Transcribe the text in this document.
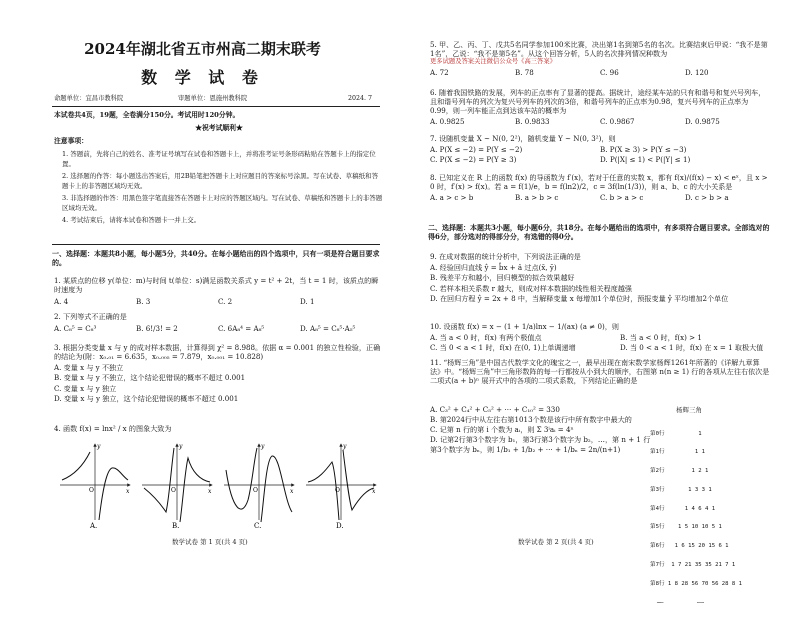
2024年湖北省五市州高二期末联考
数 学 试 卷
命题单位：宜昌市教科院	审题单位：恩施州教科院	2024. 7
本试卷共4页，19题，全卷满分150分。考试用时120分钟。
★祝考试顺利★
注意事项：
1. 答题前，先将自己的姓名、准考证号填写在试卷和答题卡上，并将准考证号条形码粘贴在答题卡上的指定位置。
2. 选择题的作答：每小题选出答案后，用2B铅笔把答题卡上对应题目的答案标号涂黑。写在试卷、草稿纸和答题卡上的非答题区域均无效。
3. 非选择题的作答：用黑色签字笔直接答在答题卡上对应的答题区域内。写在试卷、草稿纸和答题卡上的非答题区域均无效。
4. 考试结束后，请将本试卷和答题卡一并上交。
一、选择题：本题共8小题，每小题5分，共40分。在每小题给出的四个选项中，只有一项是符合题目要求的。
1. 某质点的位移 y(单位：m)与时间 t(单位：s)满足函数关系式 y = t² + 2t，当 t = 1 时，该质点的瞬时速度为
A. 4	B. 3	C. 2	D. 1
2. 下列等式不正确的是
A. C₈⁵ = C₈³	B. 6!/3! = 2	C. 6A₈⁴ = A₈⁵	D. A₈⁵ = C₈⁵·A₅⁵
3. 根据分类变量 x 与 y 的成对样本数据，计算得到 χ² = 8.988。依据 α = 0.001 的独立性检验，正确的结论为(附：x₀.₀₁ = 6.635，x₀.₀₀₅ = 7.879，x₀.₀₀₁ = 10.828)
A. 变量 x 与 y 不独立
B. 变量 x 与 y 不独立，这个结论犯错误的概率不超过 0.001
C. 变量 x 与 y 独立
D. 变量 x 与 y 独立，这个结论犯错误的概率不超过 0.001
4. 函数 f(x) = lnx² / x 的图象大致为
O	x
y
A.
O	x
y
B.
O	x
y
C.
O	x
y
D.
数学试卷 第 1 页(共 4 页)
5. 甲、乙、丙、丁、戊共5名同学参加100米比赛，决出第1名到第5名的名次。比赛结束后甲说：“我不是第1名”，乙说：“我不是第5名”。从这个回答分析，5人的名次排列情况种数为
更多试题及答案关注微信公众号《高三答案》
A. 72	B. 78	C. 96	D. 120
6. 随着我国铁路的发展，列车的正点率有了显著的提高。据统计，途经某车站的只有和谐号和复兴号列车，且和谐号列车的列次为复兴号列车的列次的3倍，和谐号列车的正点率为0.98，复兴号列车的正点率为0.99，则一列车能正点到达该车站的概率为
A. 0.9825	B. 0.9833	C. 0.9867	D. 0.9875
7. 设随机变量 X ~ N(0, 2²)，随机变量 Y ~ N(0, 3²)，则
A. P(X ≤ −2) = P(Y ≤ −2)	B. P(X ≥ 3) > P(Y ≤ −3)
C. P(X ≤ −2) = P(Y ≥ 3)	D. P(|X| ≤ 1) < P(|Y| ≤ 1)
8. 已知定义在 R 上的函数 f(x) 的导函数为 f′(x)，若对于任意的实数 x，都有 f(x)/(f(x) − x) < eˣ，且 x > 0 时，f′(x) > f(x)。若 a = f(1)/e，b = f(ln2)/2，c = 3f(ln(1/3))，则 a、b、c 的大小关系是
A. a > c > b	B. a > b > c	C. b > a > c	D. c > b > a
二、选择题：本题共3小题，每小题6分，共18分。在每小题给出的选项中，有多项符合题目要求。全部选对的得6分，部分选对的得部分分，有选错的得0分。
9. 在成对数据的统计分析中，下列说法正确的是
A. 经验回归直线 ŷ = b̂x + â 过点(x̄, ȳ)
B. 残差平方和越小，回归模型的拟合效果越好
C. 若样本相关系数 r 越大，则成对样本数据的线性相关程度越强
D. 在回归方程 ŷ = 2x + 8 中，当解释变量 x 每增加1个单位时，预报变量 ŷ 平均增加2个单位
10. 设函数 f(x) = x − (1 + 1/a)lnx − 1/(ax) (a ≠ 0)，则
A. 当 a < 0 时，f(x) 有两个极值点	B. 当 a < 0 时，f(x) > 1
C. 当 0 < a < 1 时，f(x) 在(0, 1)上单调递增	D. 当 0 < a < 1 时，f(x) 在 x = 1 取极大值
11. “杨辉三角”是中国古代数学文化的瑰宝之一，最早出现在南宋数学家杨辉1261年所著的《详解九章算法》中。“杨辉三角”中三角形数阵的每一行都按从小到大的顺序，右图第 n(n ≥ 1) 行的各项从左往右依次是二项式(a + b)ⁿ 展开式中的各项的二项式系数，下列结论正确的是
A. C₃² + C₄² + C₅² + ⋯ + C₁₀² = 330
B. 第2024行中从左往右第1013个数是该行中所有数字中最大的
C. 记第 n 行的第 i 个数为 aᵢ，则 Σ 3ⁱaᵢ = 4ⁿ
D. 记第2行第3个数字为 b₁，第3行第3个数字为 b₂，…，第 n + 1 行第3个数字为 bₙ，则 1/b₁ + 1/b₂ + ⋯ + 1/bₙ = 2n/(n+1)
杨辉三角

第0行          1

第1行         1 1

第2行        1 2 1

第3行       1 3 3 1

第4行      1 4 6 4 1

第5行    1 5 10 10 5 1

第6行   1 6 15 20 15 6 1

第7行  1 7 21 35 35 21 7 1

第8行 1 8 28 56 70 56 28 8 1

……          ……

数学试卷 第 2 页(共 4 页)
